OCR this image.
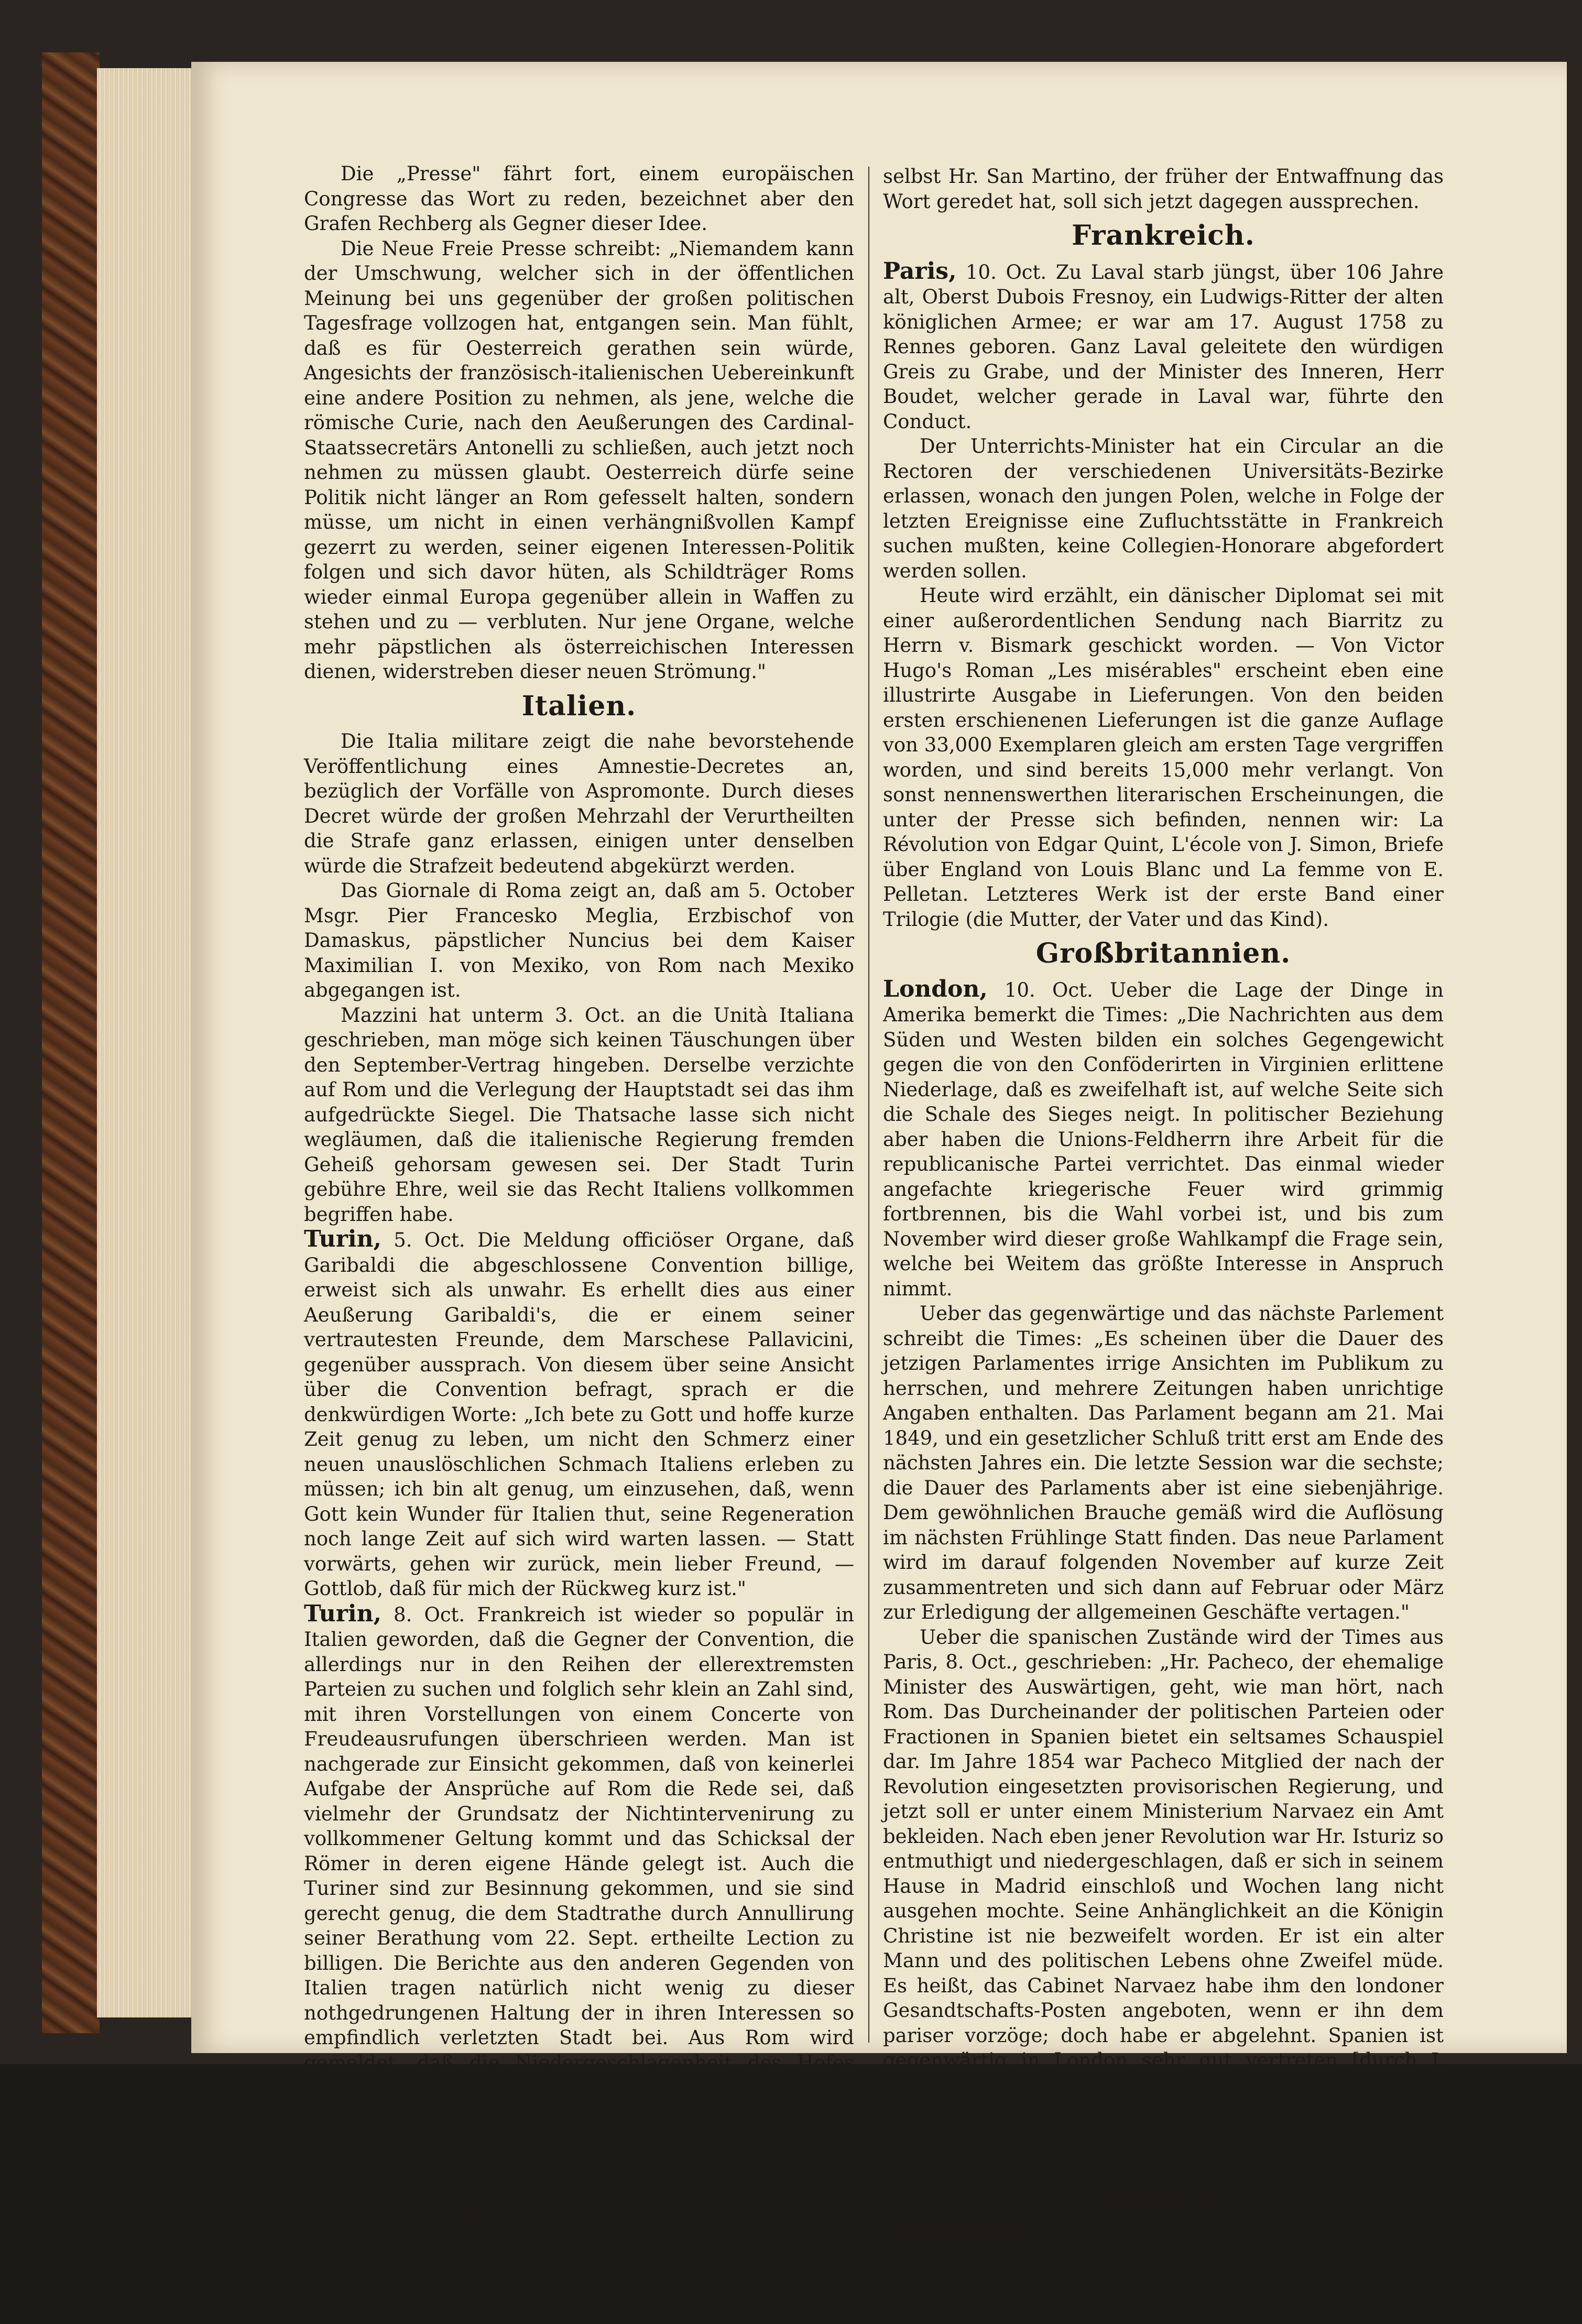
Die „Presse" fährt fort, einem europäischen Congresse das Wort zu reden, bezeichnet aber den Grafen Rechberg als Gegner dieser Idee.

Die Neue Freie Presse schreibt: „Niemandem kann der Umschwung, welcher sich in der öffentlichen Meinung bei uns gegenüber der großen politischen Tagesfrage vollzogen hat, entgangen sein. Man fühlt, daß es für Oesterreich gerathen sein würde, Angesichts der französisch-italienischen Uebereinkunft eine andere Position zu nehmen, als jene, welche die römische Curie, nach den Aeußerungen des Cardinal-Staatssecretärs Antonelli zu schließen, auch jetzt noch nehmen zu müssen glaubt. Oesterreich dürfe seine Politik nicht länger an Rom gefesselt halten, sondern müsse, um nicht in einen verhängnißvollen Kampf gezerrt zu werden, seiner eigenen Interessen-Politik folgen und sich davor hüten, als Schildträger Roms wieder einmal Europa gegenüber allein in Waffen zu stehen und zu — verbluten. Nur jene Organe, welche mehr päpstlichen als österreichischen Interessen dienen, widerstreben dieser neuen Strömung."

Italien.

Die Italia militare zeigt die nahe bevorstehende Veröffentlichung eines Amnestie-Decretes an, bezüglich der Vorfälle von Aspromonte. Durch dieses Decret würde der großen Mehrzahl der Verurtheilten die Strafe ganz erlassen, einigen unter denselben würde die Strafzeit bedeutend abgekürzt werden.

Das Giornale di Roma zeigt an, daß am 5. October Msgr. Pier Francesko Meglia, Erzbischof von Damaskus, päpstlicher Nuncius bei dem Kaiser Maximilian I. von Mexiko, von Rom nach Mexiko abgegangen ist.

Mazzini hat unterm 3. Oct. an die Unità Italiana geschrieben, man möge sich keinen Täuschungen über den September-Vertrag hingeben. Derselbe verzichte auf Rom und die Verlegung der Hauptstadt sei das ihm aufgedrückte Siegel. Die Thatsache lasse sich nicht wegläumen, daß die italienische Regierung fremden Geheiß gehorsam gewesen sei. Der Stadt Turin gebühre Ehre, weil sie das Recht Italiens vollkommen begriffen habe.

Turin, 5. Oct. Die Meldung officiöser Organe, daß Garibaldi die abgeschlossene Convention billige, erweist sich als unwahr. Es erhellt dies aus einer Aeußerung Garibaldi's, die er einem seiner vertrautesten Freunde, dem Marschese Pallavicini, gegenüber aussprach. Von diesem über seine Ansicht über die Convention befragt, sprach er die denkwürdigen Worte: „Ich bete zu Gott und hoffe kurze Zeit genug zu leben, um nicht den Schmerz einer neuen unauslöschlichen Schmach Italiens erleben zu müssen; ich bin alt genug, um einzusehen, daß, wenn Gott kein Wunder für Italien thut, seine Regeneration noch lange Zeit auf sich wird warten lassen. — Statt vorwärts, gehen wir zurück, mein lieber Freund, — Gottlob, daß für mich der Rückweg kurz ist."

Turin, 8. Oct. Frankreich ist wieder so populär in Italien geworden, daß die Gegner der Convention, die allerdings nur in den Reihen der ellerextremsten Parteien zu suchen und folglich sehr klein an Zahl sind, mit ihren Vorstellungen von einem Concerte von Freudeausrufungen überschrieen werden. Man ist nachgerade zur Einsicht gekommen, daß von keinerlei Aufgabe der Ansprüche auf Rom die Rede sei, daß vielmehr der Grundsatz der Nichtintervenirung zu vollkommener Geltung kommt und das Schicksal der Römer in deren eigene Hände gelegt ist. Auch die Turiner sind zur Besinnung gekommen, und sie sind gerecht genug, die dem Stadtrathe durch Annullirung seiner Berathung vom 22. Sept. ertheilte Lection zu billigen. Die Berichte aus den anderen Gegenden von Italien tragen natürlich nicht wenig zu dieser nothgedrungenen Haltung der in ihren Interessen so empfindlich verletzten Stadt bei. Aus Rom wird gemeldet, daß die Niedergeschlagenheit des Hofes auch auf den Palast Farnese seinen Rückschlag geäußert habe und man erzählt, daß der König von Neapel sehr entmuthigt scheine. Wenn sich das bestätigt, wird die Convention auch auf die Verminderung des Räuberwesens in Neapel bald ihre günstige Wirkung äußern. Von Paris aus soll man hier den Rath ertheilt haben, wo möglich eine Reduktion der Armee zu versuchen. Die Regierung würde diesen Rath gern befolgen, sie fürchtet aber, einen allgemeinen Sturm hervorzurufen, und

selbst Hr. San Martino, der früher der Entwaffnung das Wort geredet hat, soll sich jetzt dagegen aussprechen.

Frankreich.

Paris, 10. Oct. Zu Laval starb jüngst, über 106 Jahre alt, Oberst Dubois Fresnoy, ein Ludwigs-Ritter der alten königlichen Armee; er war am 17. August 1758 zu Rennes geboren. Ganz Laval geleitete den würdigen Greis zu Grabe, und der Minister des Inneren, Herr Boudet, welcher gerade in Laval war, führte den Conduct.

Der Unterrichts-Minister hat ein Circular an die Rectoren der verschiedenen Universitäts-Bezirke erlassen, wonach den jungen Polen, welche in Folge der letzten Ereignisse eine Zufluchtsstätte in Frankreich suchen mußten, keine Collegien-Honorare abgefordert werden sollen.

Heute wird erzählt, ein dänischer Diplomat sei mit einer außerordentlichen Sendung nach Biarritz zu Herrn v. Bismark geschickt worden. — Von Victor Hugo's Roman „Les misérables" erscheint eben eine illustrirte Ausgabe in Lieferungen. Von den beiden ersten erschienenen Lieferungen ist die ganze Auflage von 33,000 Exemplaren gleich am ersten Tage vergriffen worden, und sind bereits 15,000 mehr verlangt. Von sonst nennenswerthen literarischen Erscheinungen, die unter der Presse sich befinden, nennen wir: La Révolution von Edgar Quint, L'école von J. Simon, Briefe über England von Louis Blanc und La femme von E. Pelletan. Letzteres Werk ist der erste Band einer Trilogie (die Mutter, der Vater und das Kind).

Großbritannien.

London, 10. Oct. Ueber die Lage der Dinge in Amerika bemerkt die Times: „Die Nachrichten aus dem Süden und Westen bilden ein solches Gegengewicht gegen die von den Conföderirten in Virginien erlittene Niederlage, daß es zweifelhaft ist, auf welche Seite sich die Schale des Sieges neigt. In politischer Beziehung aber haben die Unions-Feldherrn ihre Arbeit für die republicanische Partei verrichtet. Das einmal wieder angefachte kriegerische Feuer wird grimmig fortbrennen, bis die Wahl vorbei ist, und bis zum November wird dieser große Wahlkampf die Frage sein, welche bei Weitem das größte Interesse in Anspruch nimmt.

Ueber das gegenwärtige und das nächste Parlement schreibt die Times: „Es scheinen über die Dauer des jetzigen Parlamentes irrige Ansichten im Publikum zu herrschen, und mehrere Zeitungen haben unrichtige Angaben enthalten. Das Parlament begann am 21. Mai 1849, und ein gesetzlicher Schluß tritt erst am Ende des nächsten Jahres ein. Die letzte Session war die sechste; die Dauer des Parlaments aber ist eine siebenjährige. Dem gewöhnlichen Brauche gemäß wird die Auflösung im nächsten Frühlinge Statt finden. Das neue Parlament wird im darauf folgenden November auf kurze Zeit zusammentreten und sich dann auf Februar oder März zur Erledigung der allgemeinen Geschäfte vertagen."

Ueber die spanischen Zustände wird der Times aus Paris, 8. Oct., geschrieben: „Hr. Pacheco, der ehemalige Minister des Auswärtigen, geht, wie man hört, nach Rom. Das Durcheinander der politischen Parteien oder Fractionen in Spanien bietet ein seltsames Schauspiel dar. Im Jahre 1854 war Pacheco Mitglied der nach der Revolution eingesetzten provisorischen Regierung, und jetzt soll er unter einem Ministerium Narvaez ein Amt bekleiden. Nach eben jener Revolution war Hr. Isturiz so entmuthigt und niedergeschlagen, daß er sich in seinem Hause in Madrid einschloß und Wochen lang nicht ausgehen mochte. Seine Anhänglichkeit an die Königin Christine ist nie bezweifelt worden. Er ist ein alter Mann und des politischen Lebens ohne Zweifel müde. Es heißt, das Cabinet Narvaez habe ihm den londoner Gesandtschafts-Posten angeboten, wenn er ihn dem pariser vorzöge; doch habe er abgelehnt. Spanien ist gegenwärtig in London sehr gut vertreten [durch J. Comyn], und es steht zu hoffen, daß der Wunsch, für einen Freund oder Parteigenossen zu sorgen, nicht verleiten werde, dort einen Stellenwechsel eintreten zu lassen."

Dänemark.

Kopenhagen, 10. Oct. Vorgestern kam in Volksthing die Finanz-Gesetzvorlage zur ersten Verhandlung. Krabbe
